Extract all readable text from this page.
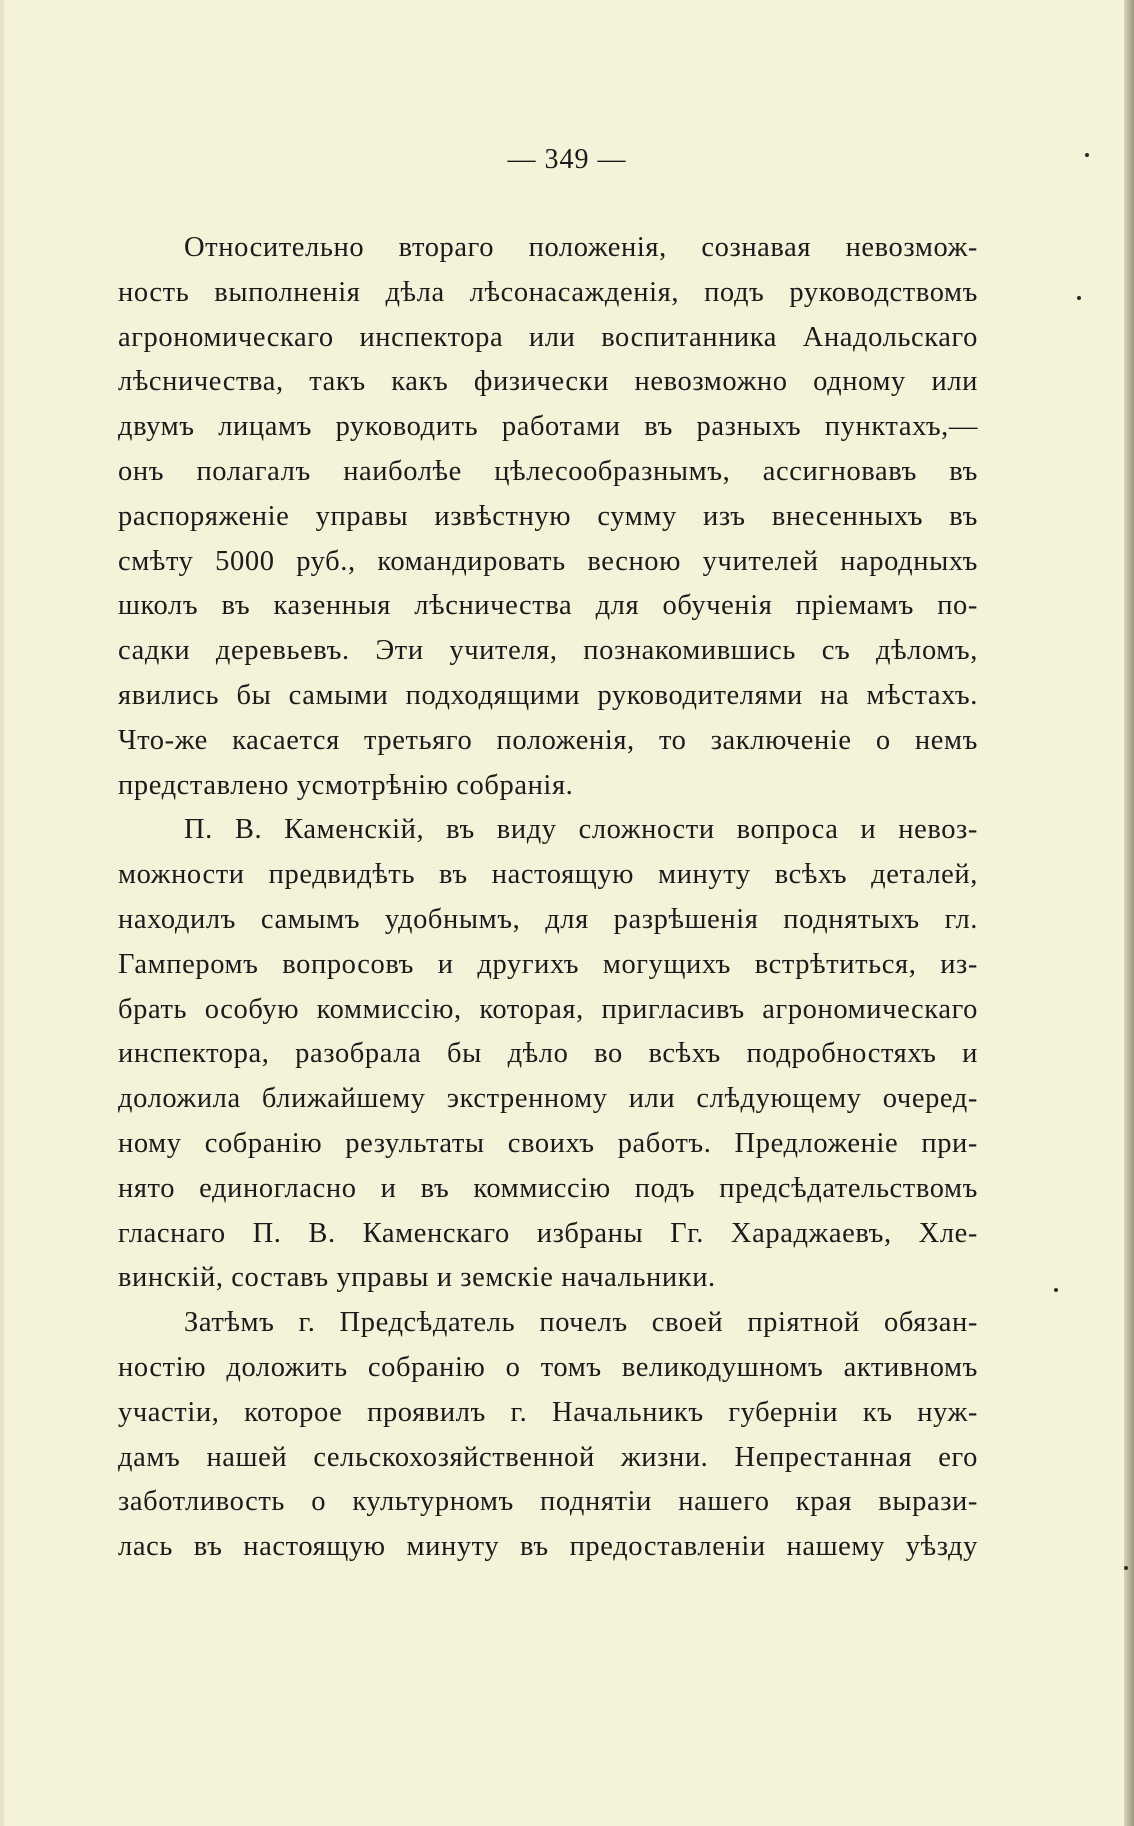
— 349 —
Относительно втораго положенія, сознавая невозмож-
ность выполненія дѣла лѣсонасажденія, подъ руководствомъ
агрономическаго инспектора или воспитанника Анадольскаго
лѣсничества, такъ какъ физически невозможно одному или
двумъ лицамъ руководить работами въ разныхъ пунктахъ,—
онъ полагалъ наиболѣе цѣлесообразнымъ, ассигновавъ въ
распоряженіе управы извѣстную сумму изъ внесенныхъ въ
смѣту 5000 руб., командировать весною учителей народныхъ
школъ въ казенныя лѣсничества для обученія пріемамъ по-
садки деревьевъ. Эти учителя, познакомившись съ дѣломъ,
явились бы самыми подходящими руководителями на мѣстахъ.
Что-же касается третьяго положенія, то заключеніе о немъ
представлено усмотрѣнію собранія.
П. В. Каменскій, въ виду сложности вопроса и невоз-
можности предвидѣть въ настоящую минуту всѣхъ деталей,
находилъ самымъ удобнымъ, для разрѣшенія поднятыхъ гл.
Гамперомъ вопросовъ и другихъ могущихъ встрѣтиться, из-
брать особую коммиссію, которая, пригласивъ агрономическаго
инспектора, разобрала бы дѣло во всѣхъ подробностяхъ и
доложила ближайшему экстренному или слѣдующему очеред-
ному собранію результаты своихъ работъ. Предложеніе при-
нято единогласно и въ коммиссію подъ предсѣдательствомъ
гласнаго П. В. Каменскаго избраны Гг. Хараджаевъ, Хле-
винскій, составъ управы и земскіе начальники.
Затѣмъ г. Предсѣдатель почелъ своей пріятной обязан-
ностію доложить собранію о томъ великодушномъ активномъ
участіи, которое проявилъ г. Начальникъ губерніи къ нуж-
дамъ нашей сельскохозяйственной жизни. Непрестанная его
заботливость о культурномъ поднятіи нашего края вырази-
лась въ настоящую минуту въ предоставленіи нашему уѣзду
